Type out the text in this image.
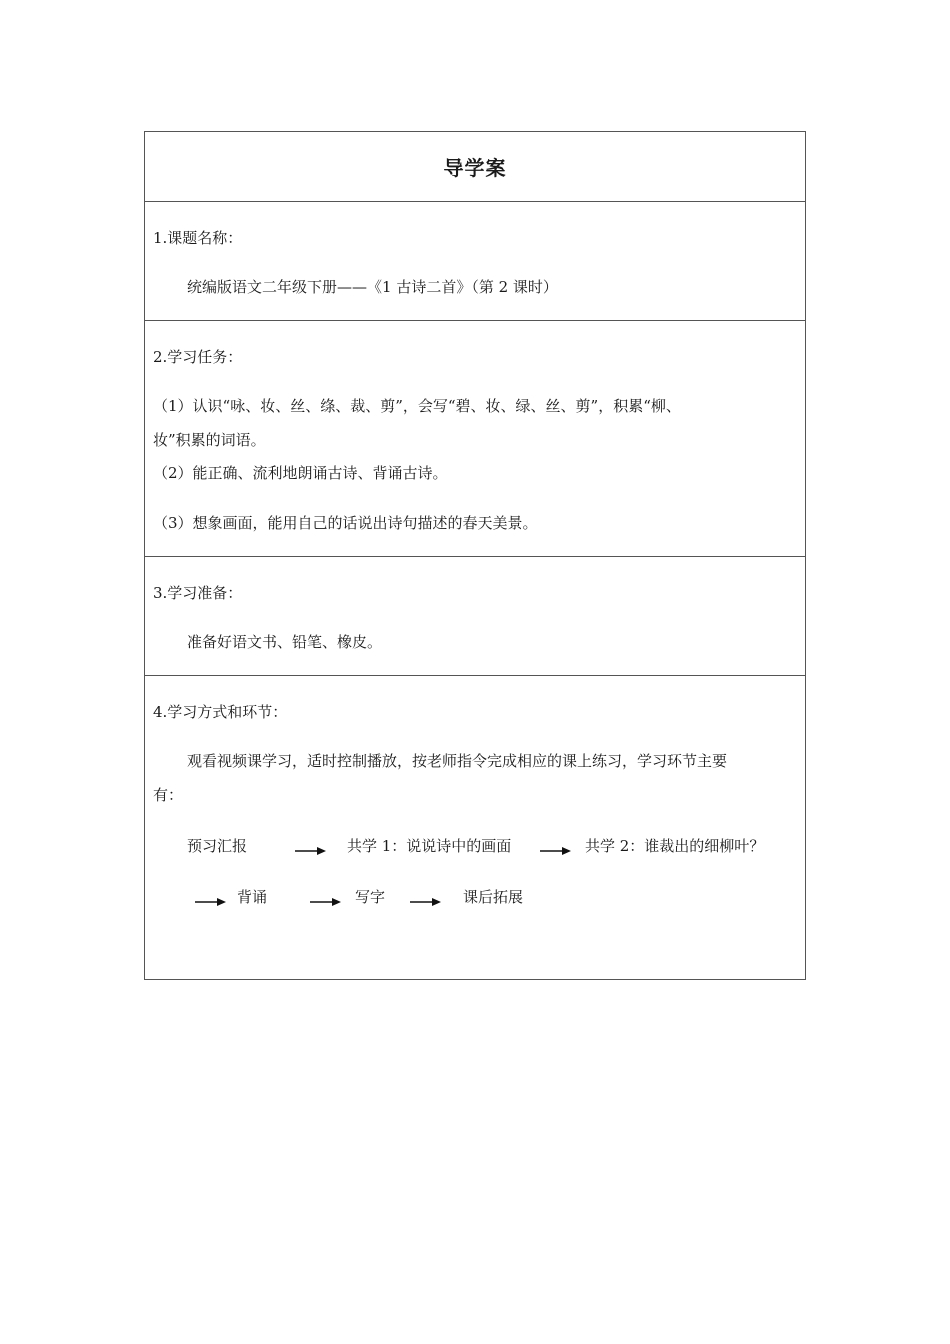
导学案
1.课题名称：
统编版语文二年级下册——《1 古诗二首》（第 2 课时）
2.学习任务：
（1）认识“咏、妆、丝、绦、裁、剪”，会写“碧、妆、绿、丝、剪”，积累“柳、
妆”积累的词语。
（2）能正确、流利地朗诵古诗、背诵古诗。
（3）想象画面，能用自己的话说出诗句描述的春天美景。
3.学习准备：
准备好语文书、铅笔、橡皮。
4.学习方式和环节：
观看视频课学习，适时控制播放，按老师指令完成相应的课上练习，学习环节主要
有：
预习汇报	共学 1：说说诗中的画面	共学 2：谁裁出的细柳叶？
背诵	写字	课后拓展
